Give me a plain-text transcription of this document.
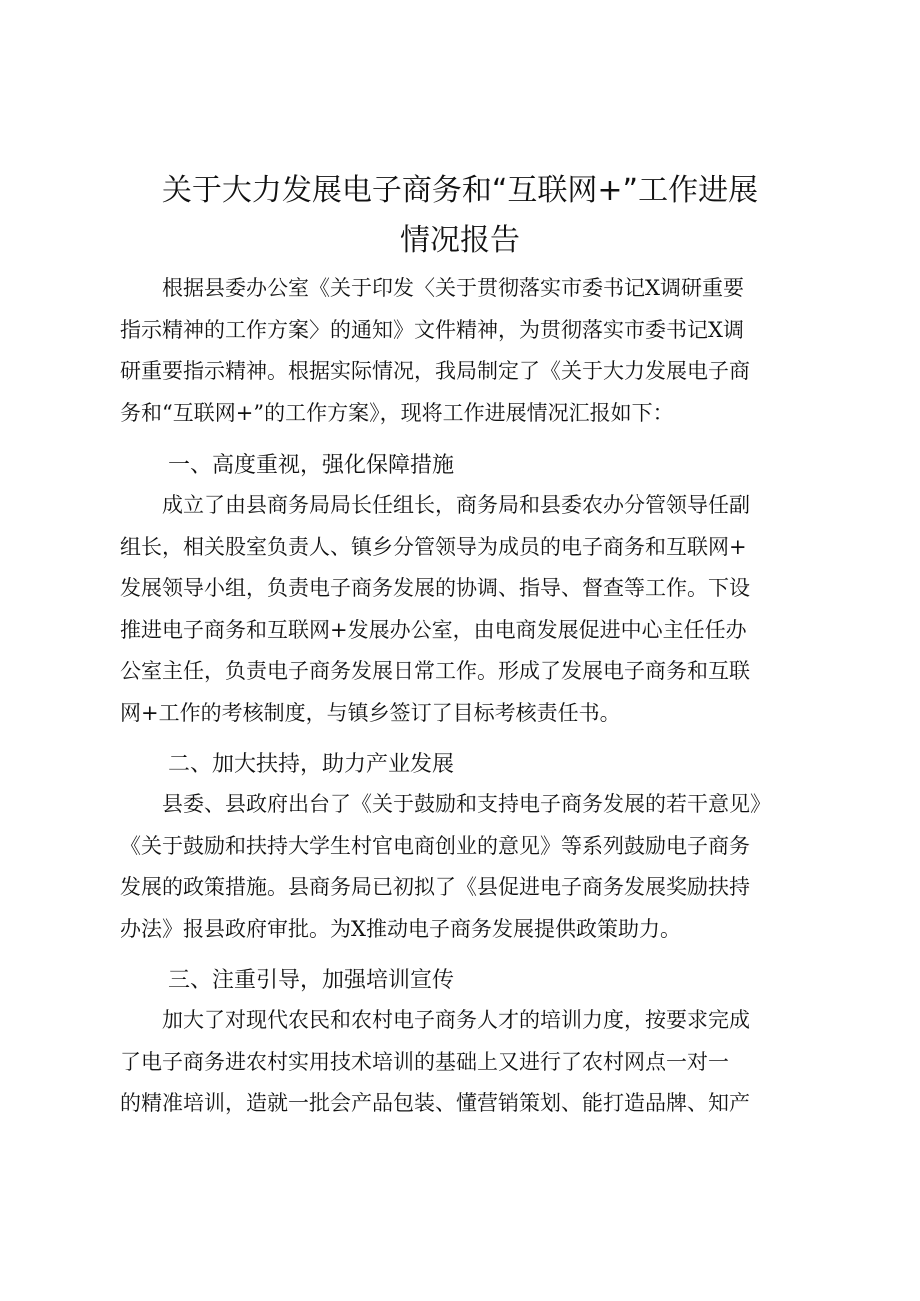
关于大力发展电子商务和“互联网+”工作进展
情况报告
　　根据县委办公室《关于印发〈关于贯彻落实市委书记X调研重要
指示精神的工作方案〉的通知》文件精神，为贯彻落实市委书记X调
研重要指示精神。根据实际情况，我局制定了《关于大力发展电子商
务和“互联网+”的工作方案》，现将工作进展情况汇报如下：
一、高度重视，强化保障措施
　　成立了由县商务局局长任组长，商务局和县委农办分管领导任副
组长，相关股室负责人、镇乡分管领导为成员的电子商务和互联网+
发展领导小组，负责电子商务发展的协调、指导、督查等工作。下设
推进电子商务和互联网+发展办公室，由电商发展促进中心主任任办
公室主任，负责电子商务发展日常工作。形成了发展电子商务和互联
网+工作的考核制度，与镇乡签订了目标考核责任书。
二、加大扶持，助力产业发展
　　县委、县政府出台了《关于鼓励和支持电子商务发展的若干意见》
《关于鼓励和扶持大学生村官电商创业的意见》等系列鼓励电子商务
发展的政策措施。县商务局已初拟了《县促进电子商务发展奖励扶持
办法》报县政府审批。为X推动电子商务发展提供政策助力。
三、注重引导，加强培训宣传
　　加大了对现代农民和农村电子商务人才的培训力度，按要求完成
了电子商务进农村实用技术培训的基础上又进行了农村网点一对一
的精准培训，造就一批会产品包装、懂营销策划、能打造品牌、知产
